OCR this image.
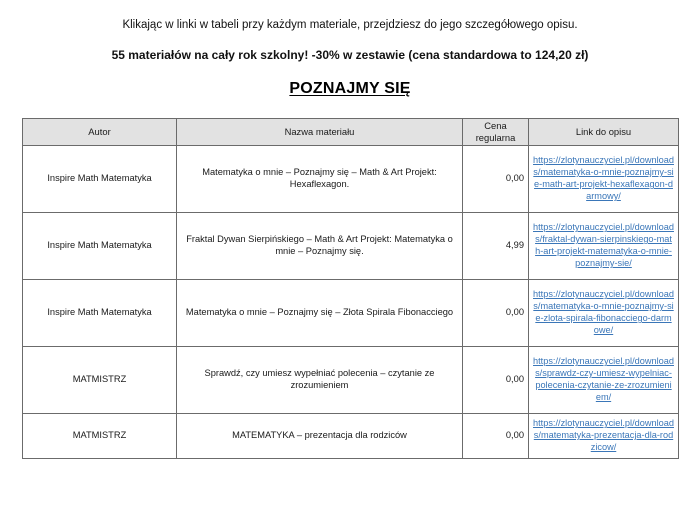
Klikając w linki w tabeli przy każdym materiale, przejdziesz do jego szczegółowego opisu.

55 materiałów na cały rok szkolny! -30% w zestawie (cena standardowa to 124,20 zł)

POZNAJMY SIĘ
Autor	Nazwa materiału	Cena regularna	Link do opisu
Inspire Math Matematyka	Matematyka o mnie – Poznajmy się – Math & Art Projekt: Hexaflexagon.	0,00	https://zlotynauczyciel.pl/downloads/matematyka-o-mnie-poznajmy-sie-math-art-projekt-hexaflexagon-darmowy/
Inspire Math Matematyka	Fraktal Dywan Sierpińskiego – Math & Art Projekt: Matematyka o mnie – Poznajmy się.	4,99	https://zlotynauczyciel.pl/downloads/fraktal-dywan-sierpinskiego-math-art-projekt-matematyka-o-mnie-poznajmy-sie/
Inspire Math Matematyka	Matematyka o mnie – Poznajmy się – Złota Spirala Fibonacciego	0,00	https://zlotynauczyciel.pl/downloads/matematyka-o-mnie-poznajmy-sie-zlota-spirala-fibonacciego-darmowe/
MATMISTRZ	Sprawdź, czy umiesz wypełniać polecenia – czytanie ze zrozumieniem	0,00	https://zlotynauczyciel.pl/downloads/sprawdz-czy-umiesz-wypelniac-polecenia-czytanie-ze-zrozumieniem/
MATMISTRZ	MATEMATYKA – prezentacja dla rodziców	0,00	https://zlotynauczyciel.pl/downloads/matematyka-prezentacja-dla-rodzicow/
